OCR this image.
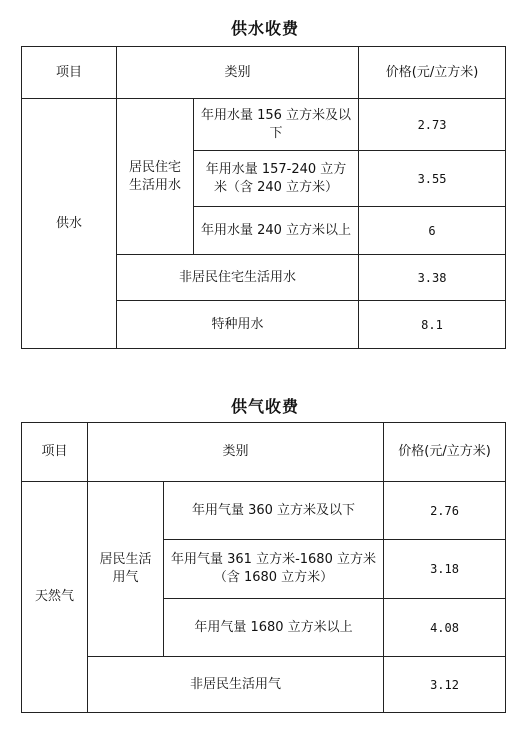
供水收费
项目	类别		价格(元/立方米)
供水	居民住宅生活用水	年用水量 156 立方米及以下	2.73
		年用水量 157-240 立方米（含 240 立方米）	3.55
		年用水量 240 立方米以上	6
	非居民住宅生活用水		3.38
	特种用水		8.1
供气收费
项目	类别		价格(元/立方米)
天然气	居民生活用气	年用气量 360 立方米及以下	2.76
		年用气量 361 立方米-1680 立方米（含 1680 立方米）	3.18
		年用气量 1680 立方米以上	4.08
	非居民生活用气		3.12
